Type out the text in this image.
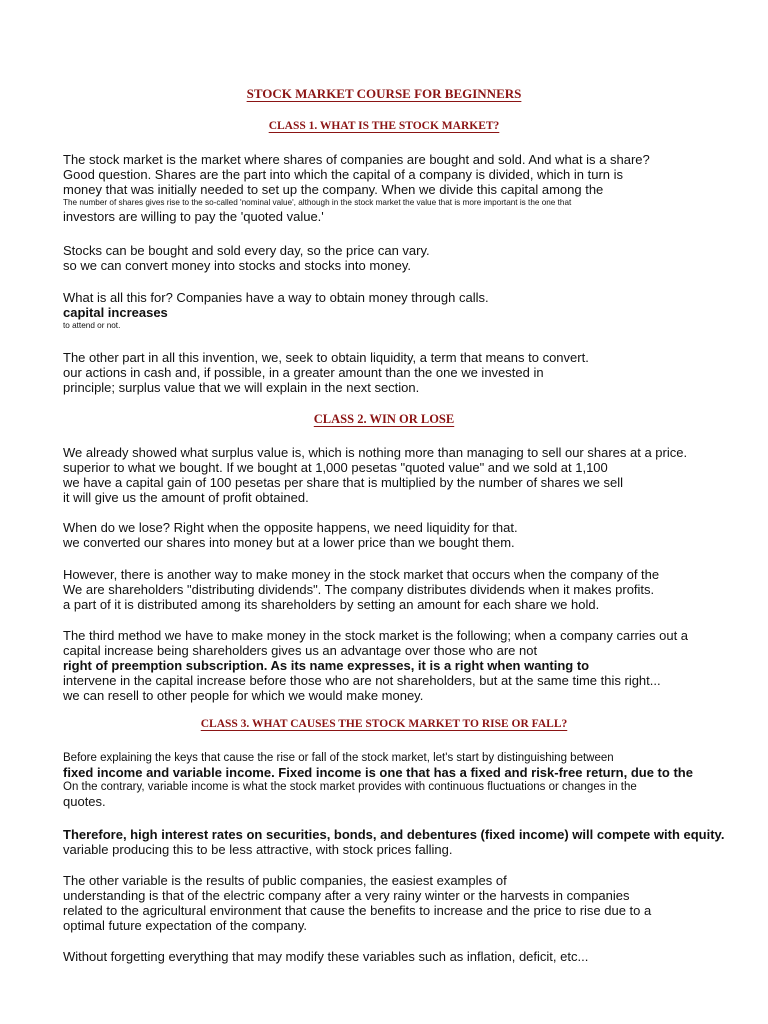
STOCK MARKET COURSE FOR BEGINNERS
CLASS 1. WHAT IS THE STOCK MARKET?
The stock market is the market where shares of companies are bought and sold. And what is a share?
Good question. Shares are the part into which the capital of a company is divided, which in turn is
money that was initially needed to set up the company. When we divide this capital among the
The number of shares gives rise to the so-called 'nominal value', although in the stock market the value that is more important is the one that
investors are willing to pay the 'quoted value.'
Stocks can be bought and sold every day, so the price can vary.
so we can convert money into stocks and stocks into money.
What is all this for? Companies have a way to obtain money through calls.
capital increases
to attend or not.
The other part in all this invention, we, seek to obtain liquidity, a term that means to convert.
our actions in cash and, if possible, in a greater amount than the one we invested in
principle; surplus value that we will explain in the next section.
CLASS 2. WIN OR LOSE
We already showed what surplus value is, which is nothing more than managing to sell our shares at a price.
superior to what we bought. If we bought at 1,000 pesetas "quoted value" and we sold at 1,100
we have a capital gain of 100 pesetas per share that is multiplied by the number of shares we sell
it will give us the amount of profit obtained.
When do we lose? Right when the opposite happens, we need liquidity for that.
we converted our shares into money but at a lower price than we bought them.
However, there is another way to make money in the stock market that occurs when the company of the
We are shareholders "distributing dividends". The company distributes dividends when it makes profits.
a part of it is distributed among its shareholders by setting an amount for each share we hold.
The third method we have to make money in the stock market is the following; when a company carries out a
capital increase being shareholders gives us an advantage over those who are not
right of preemption subscription. As its name expresses, it is a right when wanting to
intervene in the capital increase before those who are not shareholders, but at the same time this right...
we can resell to other people for which we would make money.
CLASS 3. WHAT CAUSES THE STOCK MARKET TO RISE OR FALL?
Before explaining the keys that cause the rise or fall of the stock market, let's start by distinguishing between
fixed income and variable income. Fixed income is one that has a fixed and risk-free return, due to the
On the contrary, variable income is what the stock market provides with continuous fluctuations or changes in the
quotes.
Therefore, high interest rates on securities, bonds, and debentures (fixed income) will compete with equity.
variable producing this to be less attractive, with stock prices falling.
The other variable is the results of public companies, the easiest examples of
understanding is that of the electric company after a very rainy winter or the harvests in companies
related to the agricultural environment that cause the benefits to increase and the price to rise due to a
optimal future expectation of the company.
Without forgetting everything that may modify these variables such as inflation, deficit, etc...
